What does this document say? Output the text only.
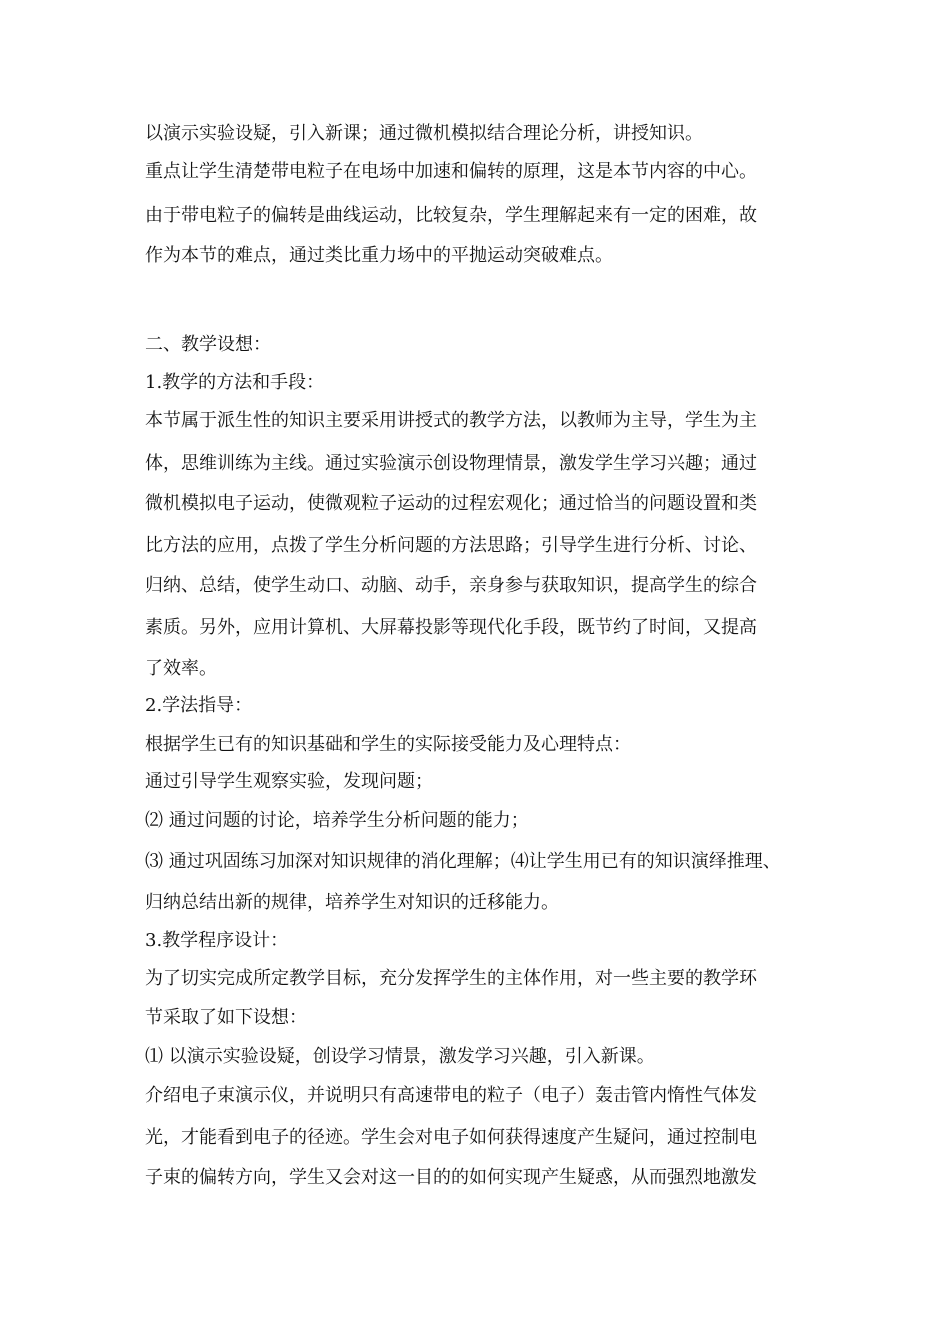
以演示实验设疑，引入新课；通过微机模拟结合理论分析，讲授知识。
重点让学生清楚带电粒子在电场中加速和偏转的原理，这是本节内容的中心。
由于带电粒子的偏转是曲线运动，比较复杂，学生理解起来有一定的困难，故
作为本节的难点，通过类比重力场中的平抛运动突破难点。
二、教学设想：
1.教学的方法和手段：
本节属于派生性的知识主要采用讲授式的教学方法，以教师为主导，学生为主
体，思维训练为主线。通过实验演示创设物理情景，激发学生学习兴趣；通过
微机模拟电子运动，使微观粒子运动的过程宏观化；通过恰当的问题设置和类
比方法的应用，点拨了学生分析问题的方法思路；引导学生进行分析、讨论、
归纳、总结，使学生动口、动脑、动手，亲身参与获取知识，提高学生的综合
素质。另外，应用计算机、大屏幕投影等现代化手段，既节约了时间，又提高
了效率。
2.学法指导：
根据学生已有的知识基础和学生的实际接受能力及心理特点：
通过引导学生观察实验，发现问题；
⑵ 通过问题的讨论，培养学生分析问题的能力；
⑶ 通过巩固练习加深对知识规律的消化理解；⑷让学生用已有的知识演绎推理、
归纳总结出新的规律，培养学生对知识的迁移能力。
3.教学程序设计：
为了切实完成所定教学目标，充分发挥学生的主体作用，对一些主要的教学环
节采取了如下设想：
⑴ 以演示实验设疑，创设学习情景，激发学习兴趣，引入新课。
介绍电子束演示仪，并说明只有高速带电的粒子（电子）轰击管内惰性气体发
光，才能看到电子的径迹。学生会对电子如何获得速度产生疑问，通过控制电
子束的偏转方向，学生又会对这一目的的如何实现产生疑惑，从而强烈地激发
